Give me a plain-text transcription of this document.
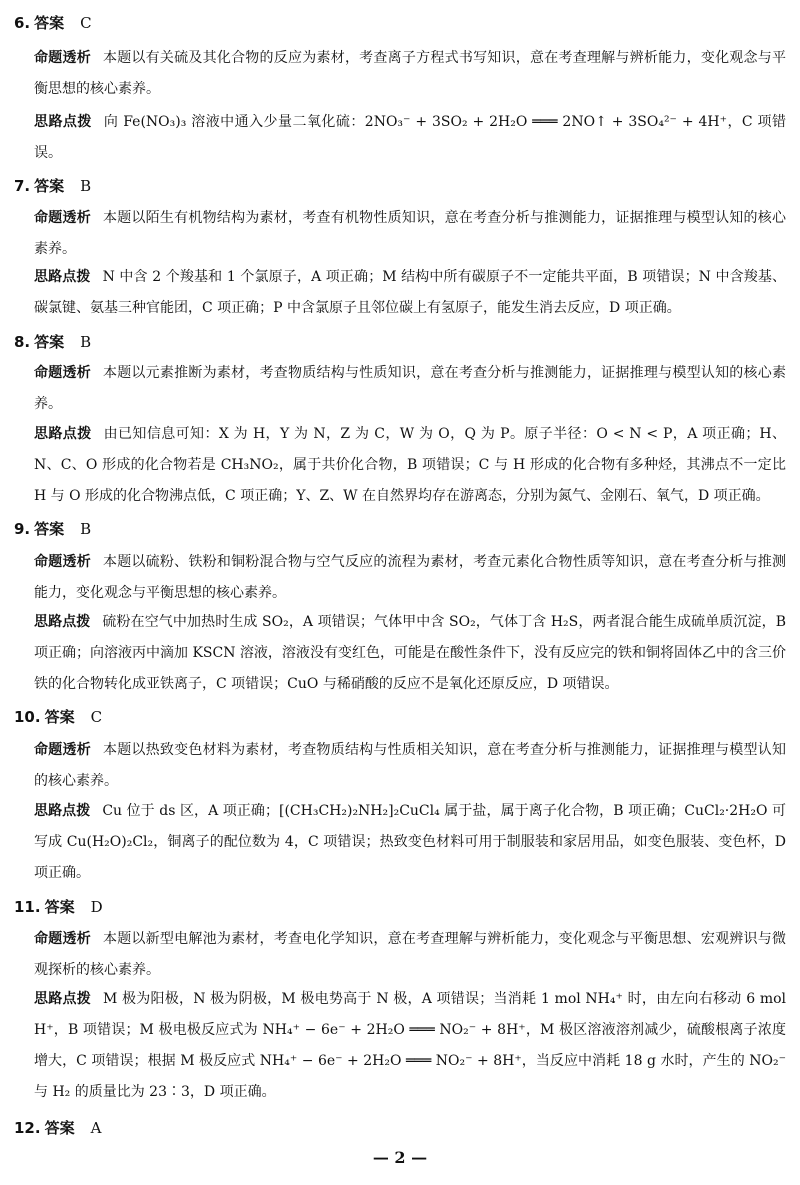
6. 答案 C
命题透析 本题以有关硫及其化合物的反应为素材，考查离子方程式书写知识，意在考查理解与辨析能力，变化观念与平衡思想的核心素养。
思路点拨 向 Fe(NO₃)₃ 溶液中通入少量二氧化硫：2NO₃⁻ + 3SO₂ + 2H₂O ═══ 2NO↑ + 3SO₄²⁻ + 4H⁺，C 项错误。
7. 答案 B
命题透析 本题以陌生有机物结构为素材，考查有机物性质知识，意在考查分析与推测能力，证据推理与模型认知的核心素养。
思路点拨 N 中含 2 个羧基和 1 个氯原子，A 项正确；M 结构中所有碳原子不一定能共平面，B 项错误；N 中含羧基、碳氯键、氨基三种官能团，C 项正确；P 中含氯原子且邻位碳上有氢原子，能发生消去反应，D 项正确。
8. 答案 B
命题透析 本题以元素推断为素材，考查物质结构与性质知识，意在考查分析与推测能力，证据推理与模型认知的核心素养。
思路点拨 由已知信息可知：X 为 H，Y 为 N，Z 为 C，W 为 O，Q 为 P。原子半径：O < N < P，A 项正确；H、N、C、O 形成的化合物若是 CH₃NO₂，属于共价化合物，B 项错误；C 与 H 形成的化合物有多种烃，其沸点不一定比 H 与 O 形成的化合物沸点低，C 项正确；Y、Z、W 在自然界均存在游离态，分别为氮气、金刚石、氧气，D 项正确。
9. 答案 B
命题透析 本题以硫粉、铁粉和铜粉混合物与空气反应的流程为素材，考查元素化合物性质等知识，意在考查分析与推测能力，变化观念与平衡思想的核心素养。
思路点拨 硫粉在空气中加热时生成 SO₂，A 项错误；气体甲中含 SO₂，气体丁含 H₂S，两者混合能生成硫单质沉淀，B 项正确；向溶液丙中滴加 KSCN 溶液，溶液没有变红色，可能是在酸性条件下，没有反应完的铁和铜将固体乙中的含三价铁的化合物转化成亚铁离子，C 项错误；CuO 与稀硝酸的反应不是氧化还原反应，D 项错误。
10. 答案 C
命题透析 本题以热致变色材料为素材，考查物质结构与性质相关知识，意在考查分析与推测能力，证据推理与模型认知的核心素养。
思路点拨 Cu 位于 ds 区，A 项正确；[(CH₃CH₂)₂NH₂]₂CuCl₄ 属于盐，属于离子化合物，B 项正确；CuCl₂·2H₂O 可写成 Cu(H₂O)₂Cl₂，铜离子的配位数为 4，C 项错误；热致变色材料可用于制服装和家居用品，如变色服装、变色杯，D 项正确。
11. 答案 D
命题透析 本题以新型电解池为素材，考查电化学知识，意在考查理解与辨析能力，变化观念与平衡思想、宏观辨识与微观探析的核心素养。
思路点拨 M 极为阳极，N 极为阴极，M 极电势高于 N 极，A 项错误；当消耗 1 mol NH₄⁺ 时，由左向右移动 6 mol H⁺，B 项错误；M 极电极反应式为 NH₄⁺ − 6e⁻ + 2H₂O ═══ NO₂⁻ + 8H⁺，M 极区溶液溶剂减少，硫酸根离子浓度增大，C 项错误；根据 M 极反应式 NH₄⁺ − 6e⁻ + 2H₂O ═══ NO₂⁻ + 8H⁺，当反应中消耗 18 g 水时，产生的 NO₂⁻ 与 H₂ 的质量比为 23∶3，D 项正确。
12. 答案 A
— 2 —
